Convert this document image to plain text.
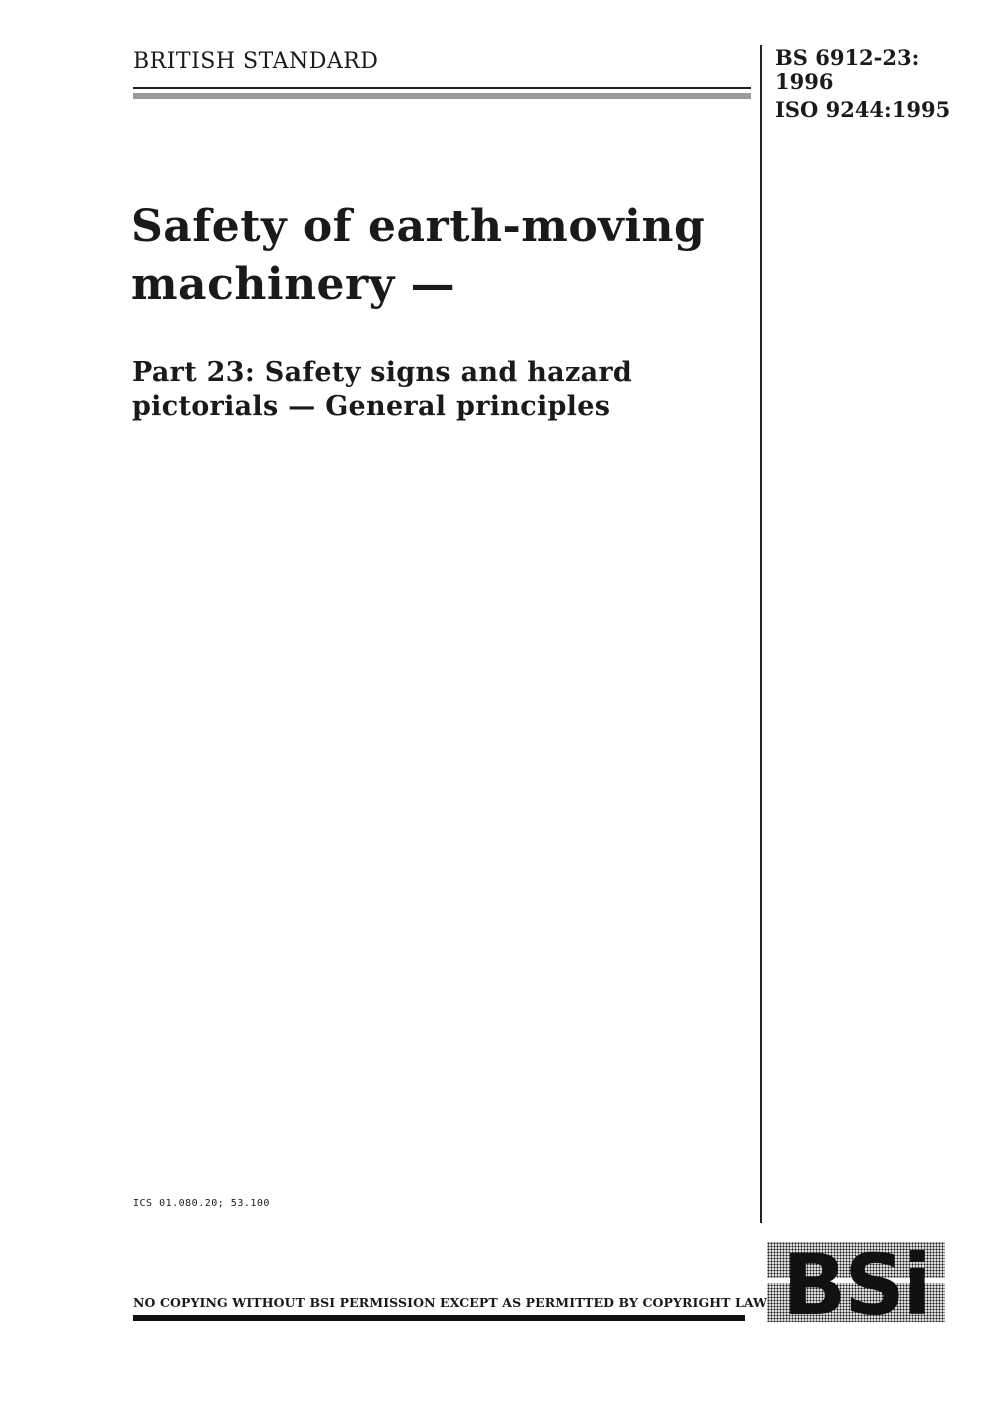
BRITISH STANDARD	BS 6912-23:
1996
ISO 9244:1995
Safety of earth-moving
machinery —
Part 23: Safety signs and hazard
pictorials — General principles
ICS 01.080.20; 53.100
NO COPYING WITHOUT BSI PERMISSION EXCEPT AS PERMITTED BY COPYRIGHT LAW BSi
